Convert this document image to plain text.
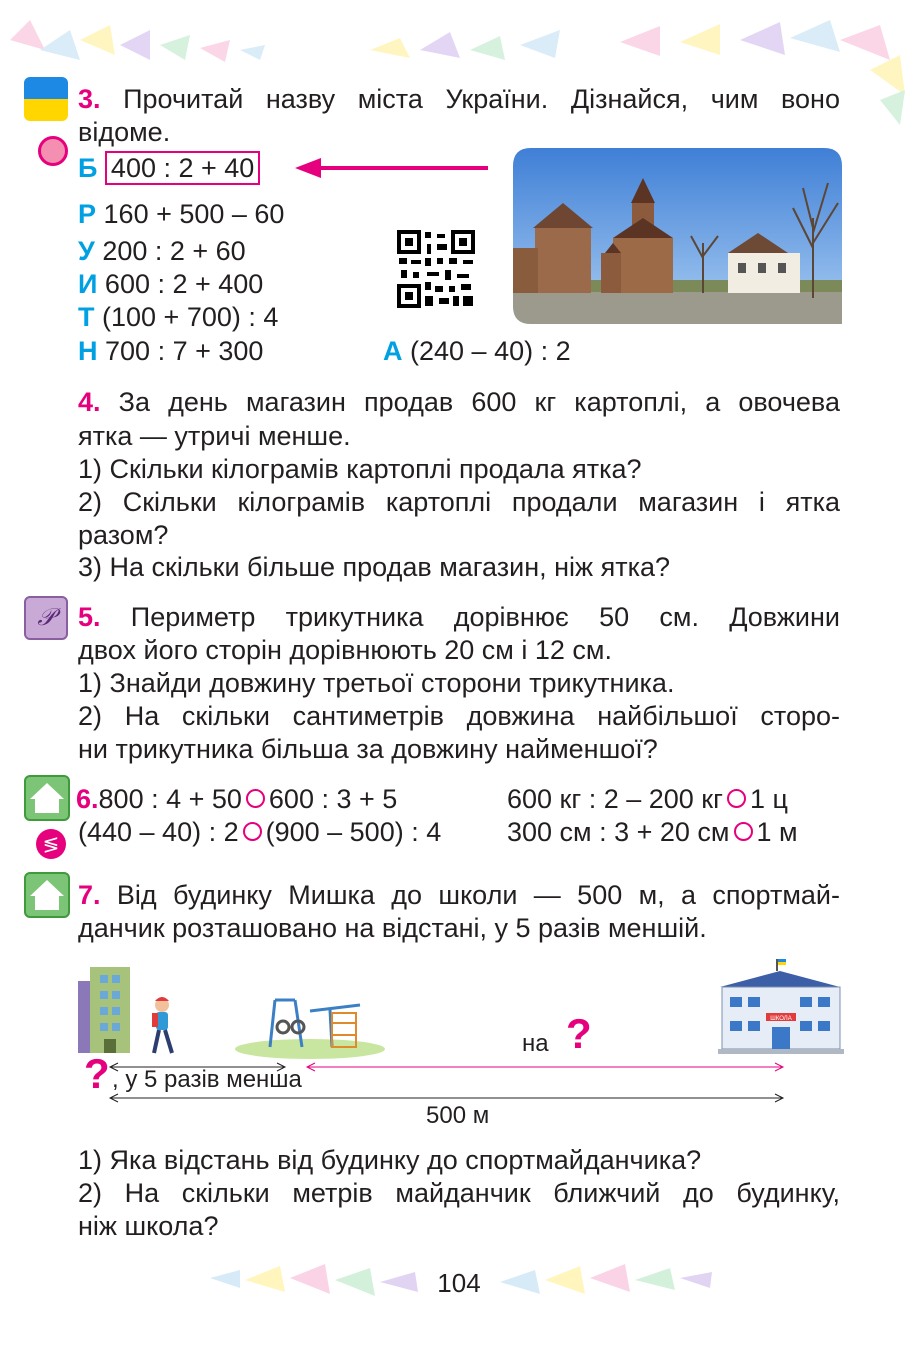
3. Прочитай назву міста України. Дізнайся, чим воно
відоме.
Б 400 : 2 + 40
Р 160 + 500 – 60
У 200 : 2 + 60
И 600 : 2 + 400
Т (100 + 700) : 4
Н 700 : 7 + 300	А (240 – 40) : 2
4. За день магазин продав 600 кг картоплі, а овочева
ятка — утричі менше.
1) Скільки кілограмів картоплі продала ятка?
2) Скільки кілограмів картоплі продали магазин і ятка
разом?
3) На скільки більше продав магазин, ніж ятка?
𝒫 5. Периметр трикутника дорівнює 50 см. Довжини
двох його сторін дорівнюють 20 см і 12 см.
1) Знайди довжину третьої сторони трикутника.
2) На скільки сантиметрів довжина найбільшої сторо-
ни трикутника більша за довжину найменшої?
≶
6.800 : 4 + 50 600 : 3 + 5	600 кг : 2 – 200 кг 1 ц
(440 – 40) : 2 (900 – 500) : 4 300 см : 3 + 20 см 1 м
7. Від будинку Мишка до школи — 500 м, а спортмай-
данчик розташовано на відстані, у 5 разів меншій.
ШКОЛА
на ?
? , у 5 разів менша
500 м
1) Яка відстань від будинку до спортмайданчика?
2) На скільки метрів майданчик ближчий до будинку,
ніж школа?
104
